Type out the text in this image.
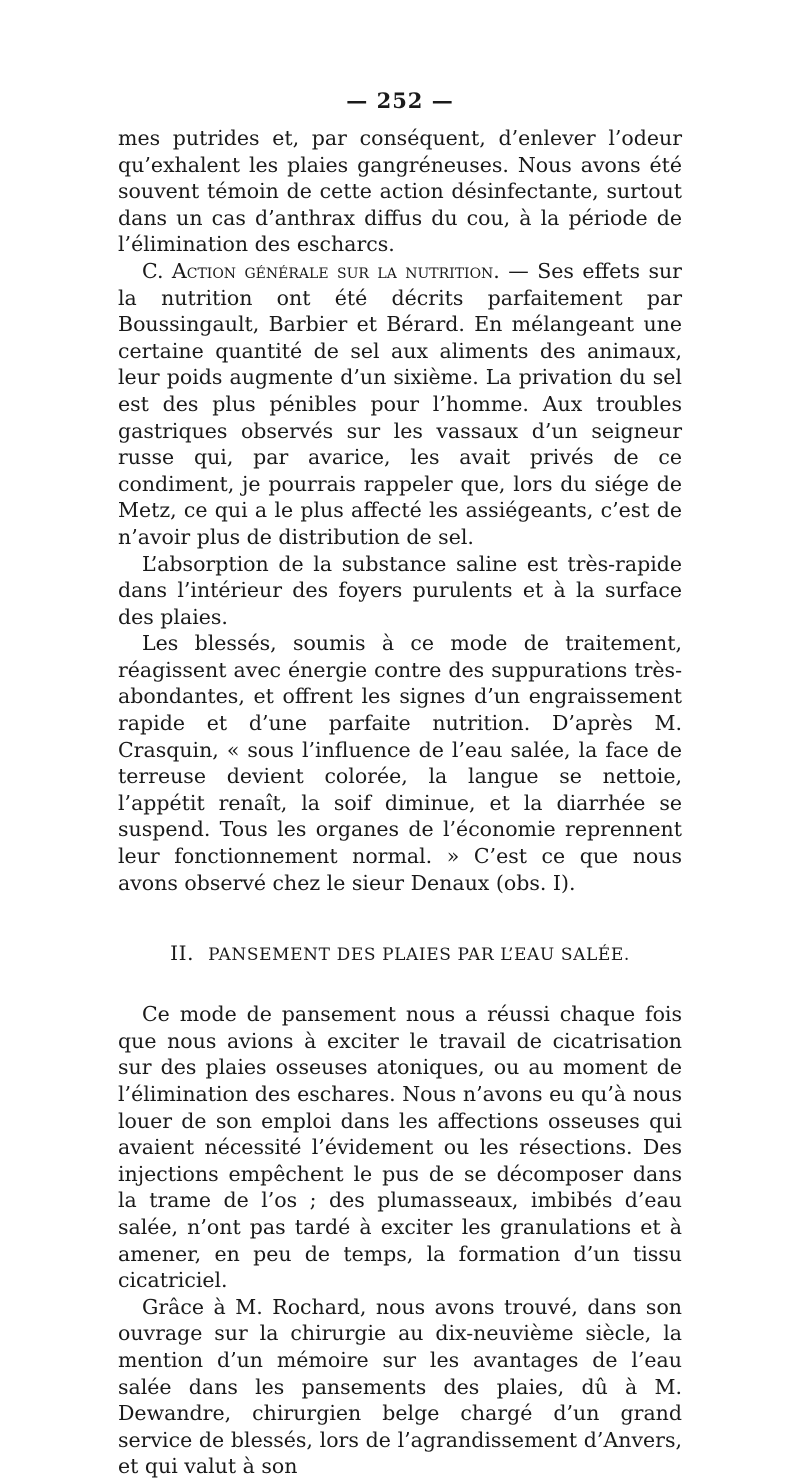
— 252 —

mes putrides et, par conséquent, d’enlever l’odeur qu’exhalent les plaies gangréneuses. Nous avons été souvent témoin de cette action désinfectante, surtout dans un cas d’anthrax diffus du cou, à la période de l’élimination des escharcs.

C. Action générale sur la nutrition. — Ses effets sur la nutrition ont été décrits parfaitement par Boussingault, Barbier et Bérard. En mélangeant une certaine quantité de sel aux aliments des animaux, leur poids augmente d’un sixième. La privation du sel est des plus pénibles pour l’homme. Aux troubles gastriques observés sur les vassaux d’un seigneur russe qui, par avarice, les avait privés de ce condiment, je pourrais rappeler que, lors du siége de Metz, ce qui a le plus affecté les assiégeants, c’est de n’avoir plus de distribution de sel.

L’absorption de la substance saline est très-rapide dans l’intérieur des foyers purulents et à la surface des plaies.

Les blessés, soumis à ce mode de traitement, réagissent avec énergie contre des suppurations très-abondantes, et offrent les signes d’un engraissement rapide et d’une parfaite nutrition. D’après M. Crasquin, « sous l’influence de l’eau salée, la face de terreuse devient colorée, la langue se nettoie, l’appétit renaît, la soif diminue, et la diarrhée se suspend. Tous les organes de l’économie reprennent leur fonctionnement normal. » C’est ce que nous avons observé chez le sieur Denaux (obs. I).

II. PANSEMENT DES PLAIES PAR L’EAU SALÉE.

Ce mode de pansement nous a réussi chaque fois que nous avions à exciter le travail de cicatrisation sur des plaies osseuses atoniques, ou au moment de l’élimination des eschares. Nous n’avons eu qu’à nous louer de son emploi dans les affections osseuses qui avaient nécessité l’évidement ou les résections. Des injections empêchent le pus de se décomposer dans la trame de l’os ; des plumasseaux, imbibés d’eau salée, n’ont pas tardé à exciter les granulations et à amener, en peu de temps, la formation d’un tissu cicatriciel.

Grâce à M. Rochard, nous avons trouvé, dans son ouvrage sur la chirurgie au dix-neuvième siècle, la mention d’un mémoire sur les avantages de l’eau salée dans les pansements des plaies, dû à M. Dewandre, chirurgien belge chargé d’un grand service de blessés, lors de l’agrandissement d’Anvers, et qui valut à son
